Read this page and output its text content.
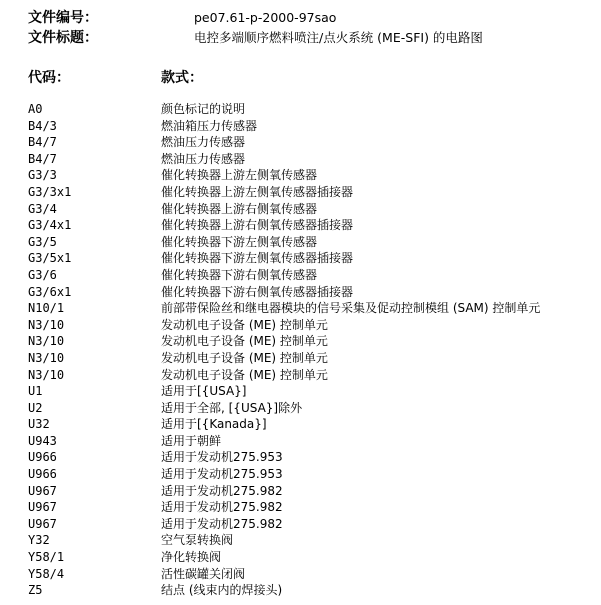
文件编号：	pe07.61-p-2000-97sao
文件标题：	电控多端顺序燃料喷注/点火系统 (ME-SFI) 的电路图
代码：	款式：
A0	颜色标记的说明
B4/3	燃油箱压力传感器
B4/7	燃油压力传感器
B4/7	燃油压力传感器
G3/3	催化转换器上游左侧氧传感器
G3/3x1	催化转换器上游左侧氧传感器插接器
G3/4	催化转换器上游右侧氧传感器
G3/4x1	催化转换器上游右侧氧传感器插接器
G3/5	催化转换器下游左侧氧传感器
G3/5x1	催化转换器下游左侧氧传感器插接器
G3/6	催化转换器下游右侧氧传感器
G3/6x1	催化转换器下游右侧氧传感器插接器
N10/1	前部带保险丝和继电器模块的信号采集及促动控制模组 (SAM) 控制单元
N3/10	发动机电子设备 (ME) 控制单元
N3/10	发动机电子设备 (ME) 控制单元
N3/10	发动机电子设备 (ME) 控制单元
N3/10	发动机电子设备 (ME) 控制单元
U1	适用于[{USA}]
U2	适用于全部, [{USA}]除外
U32	适用于[{Kanada}]
U943	适用于朝鲜
U966	适用于发动机275.953
U966	适用于发动机275.953
U967	适用于发动机275.982
U967	适用于发动机275.982
U967	适用于发动机275.982
Y32	空气泵转换阀
Y58/1	净化转换阀
Y58/4	活性碳罐关闭阀
Z5	结点 (线束内的焊接头)
